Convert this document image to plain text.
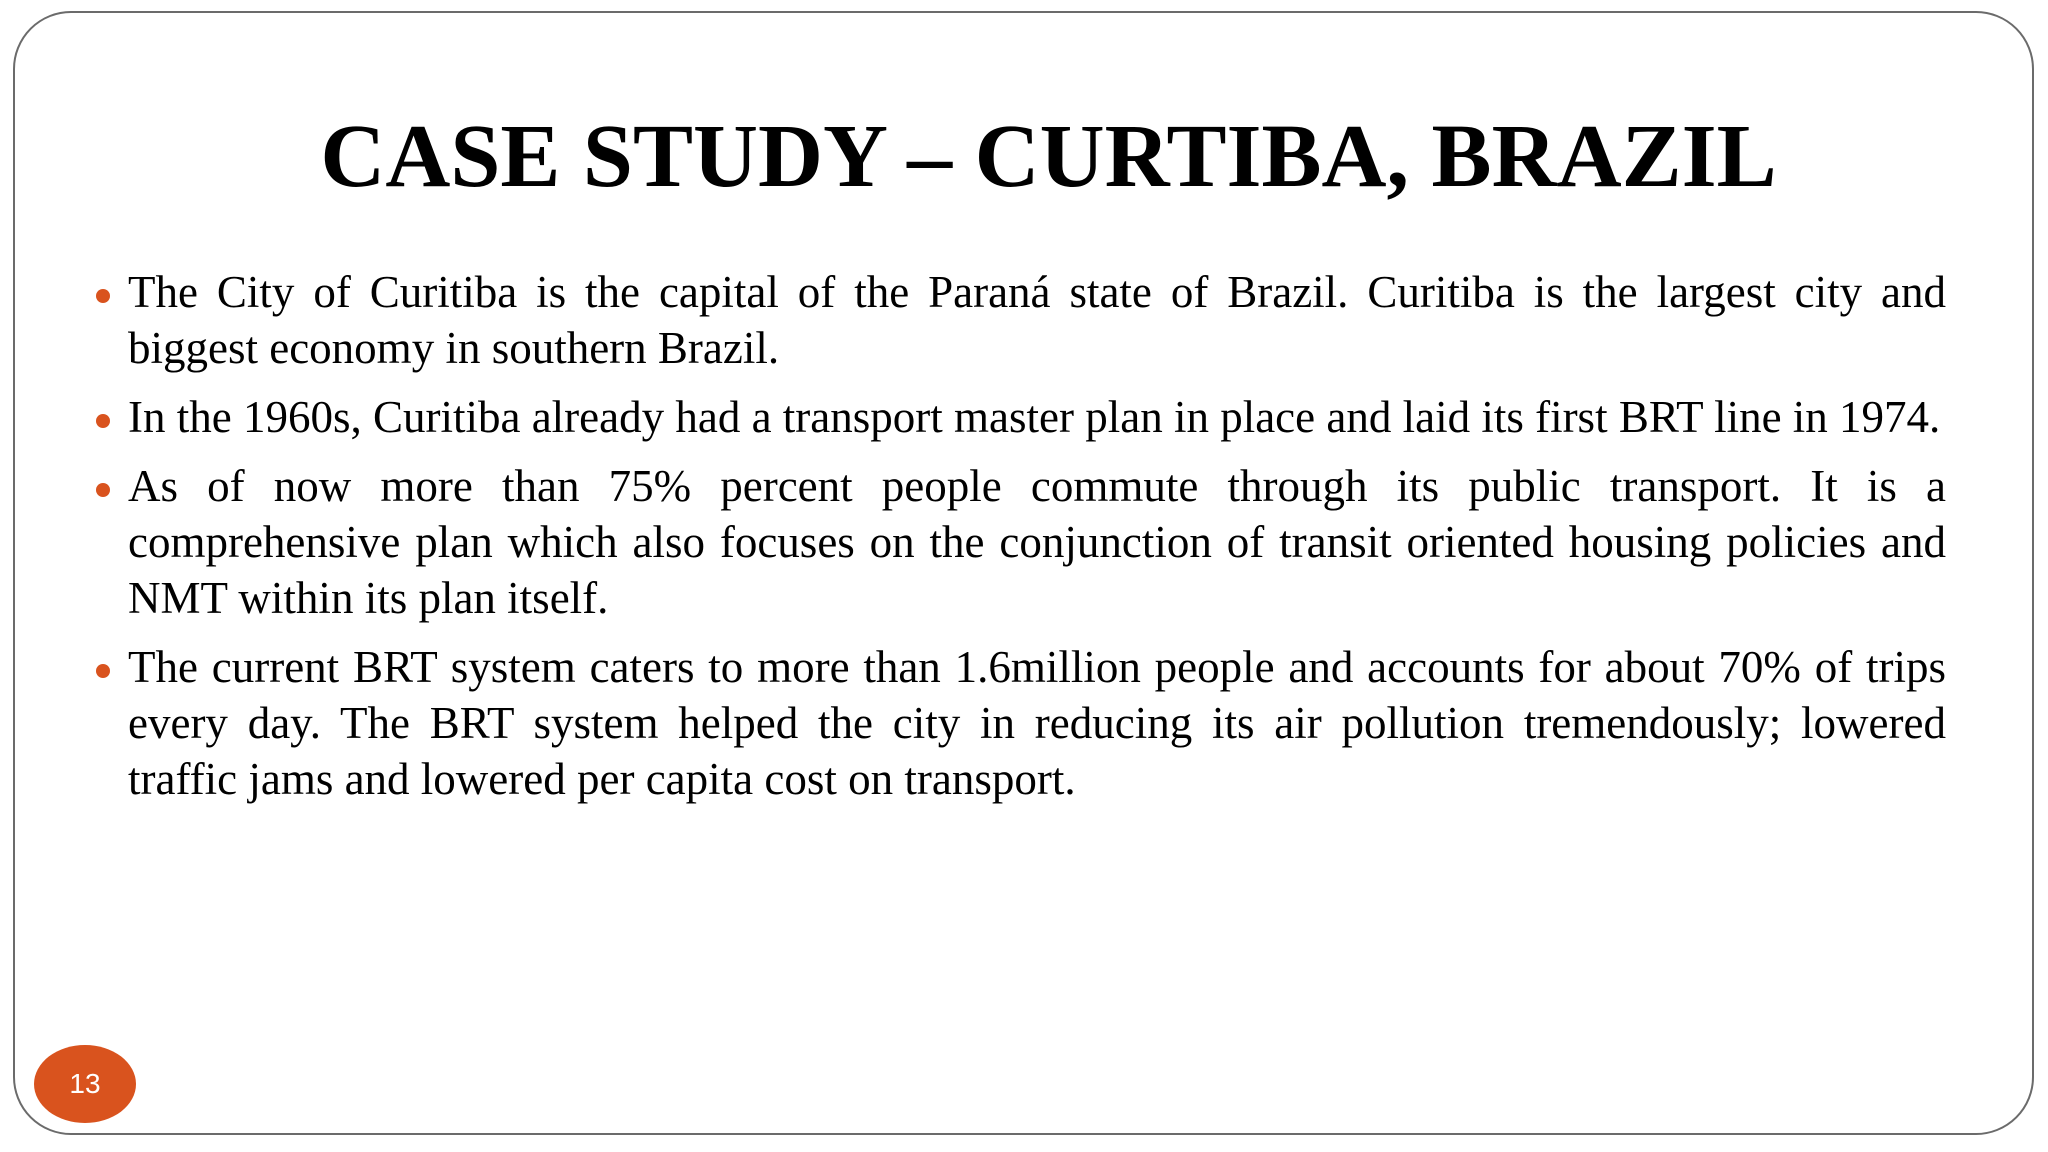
CASE STUDY – CURTIBA, BRAZIL
The City of Curitiba is the capital of the Paraná state of Brazil. Curitiba is the largest city and biggest economy in southern Brazil.
In the 1960s, Curitiba already had a transport master plan in place and laid its first BRT line in 1974.
As of now more than 75% percent people commute through its public transport. It is a comprehensive plan which also focuses on the conjunction of transit oriented housing policies and NMT within its plan itself.
The current BRT system caters to more than 1.6million people and accounts for about 70% of trips every day. The BRT system helped the city in reducing its air pollution tremendously; lowered traffic jams and lowered per capita cost on transport.
13
